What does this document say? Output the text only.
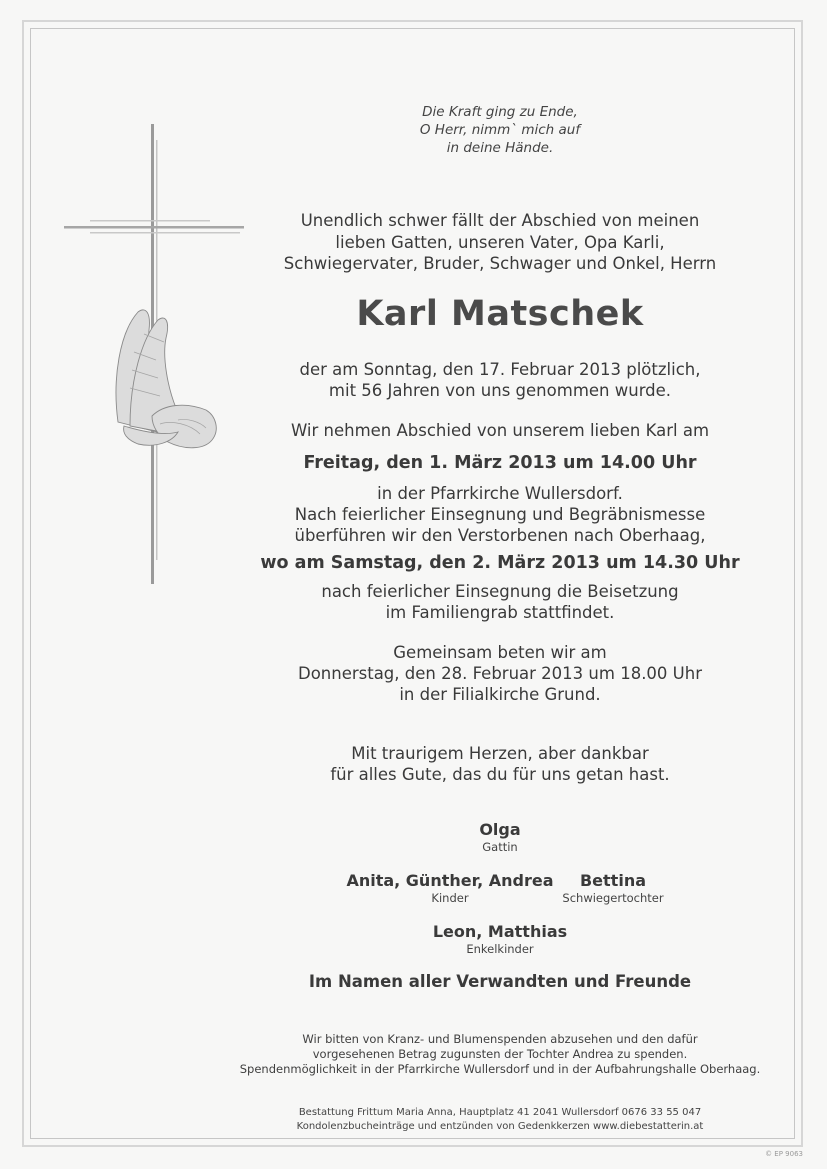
Die Kraft ging zu Ende,
O Herr, nimm` mich auf
in deine Hände.
Unendlich schwer fällt der Abschied von meinen
lieben Gatten, unseren Vater, Opa Karli,
Schwiegervater, Bruder, Schwager und Onkel, Herrn
Karl Matschek
der am Sonntag, den 17. Februar 2013 plötzlich,
mit 56 Jahren von uns genommen wurde.
Wir nehmen Abschied von unserem lieben Karl am
Freitag, den 1. März 2013 um 14.00 Uhr
in der Pfarrkirche Wullersdorf.
Nach feierlicher Einsegnung und Begräbnismesse
überführen wir den Verstorbenen nach Oberhaag,
wo am Samstag, den 2. März 2013 um 14.30 Uhr
nach feierlicher Einsegnung die Beisetzung
im Familiengrab stattfindet.
Gemeinsam beten wir am
Donnerstag, den 28. Februar 2013 um 18.00 Uhr
in der Filialkirche Grund.
Mit traurigem Herzen, aber dankbar
für alles Gute, das du für uns getan hast.
Olga
Gattin
Anita, Günther, Andrea
Kinder
Bettina
Schwiegertochter
Leon, Matthias
Enkelkinder
Im Namen aller Verwandten und Freunde
Wir bitten von Kranz- und Blumenspenden abzusehen und den dafür
vorgesehenen Betrag zugunsten der Tochter Andrea zu spenden.
Spendenmöglichkeit in der Pfarrkirche Wullersdorf und in der Aufbahrungshalle Oberhaag.
Bestattung Frittum Maria Anna, Hauptplatz 41 2041 Wullersdorf 0676 33 55 047
Kondolenzbucheinträge und entzünden von Gedenkkerzen www.diebestatterin.at
© EP 9063
